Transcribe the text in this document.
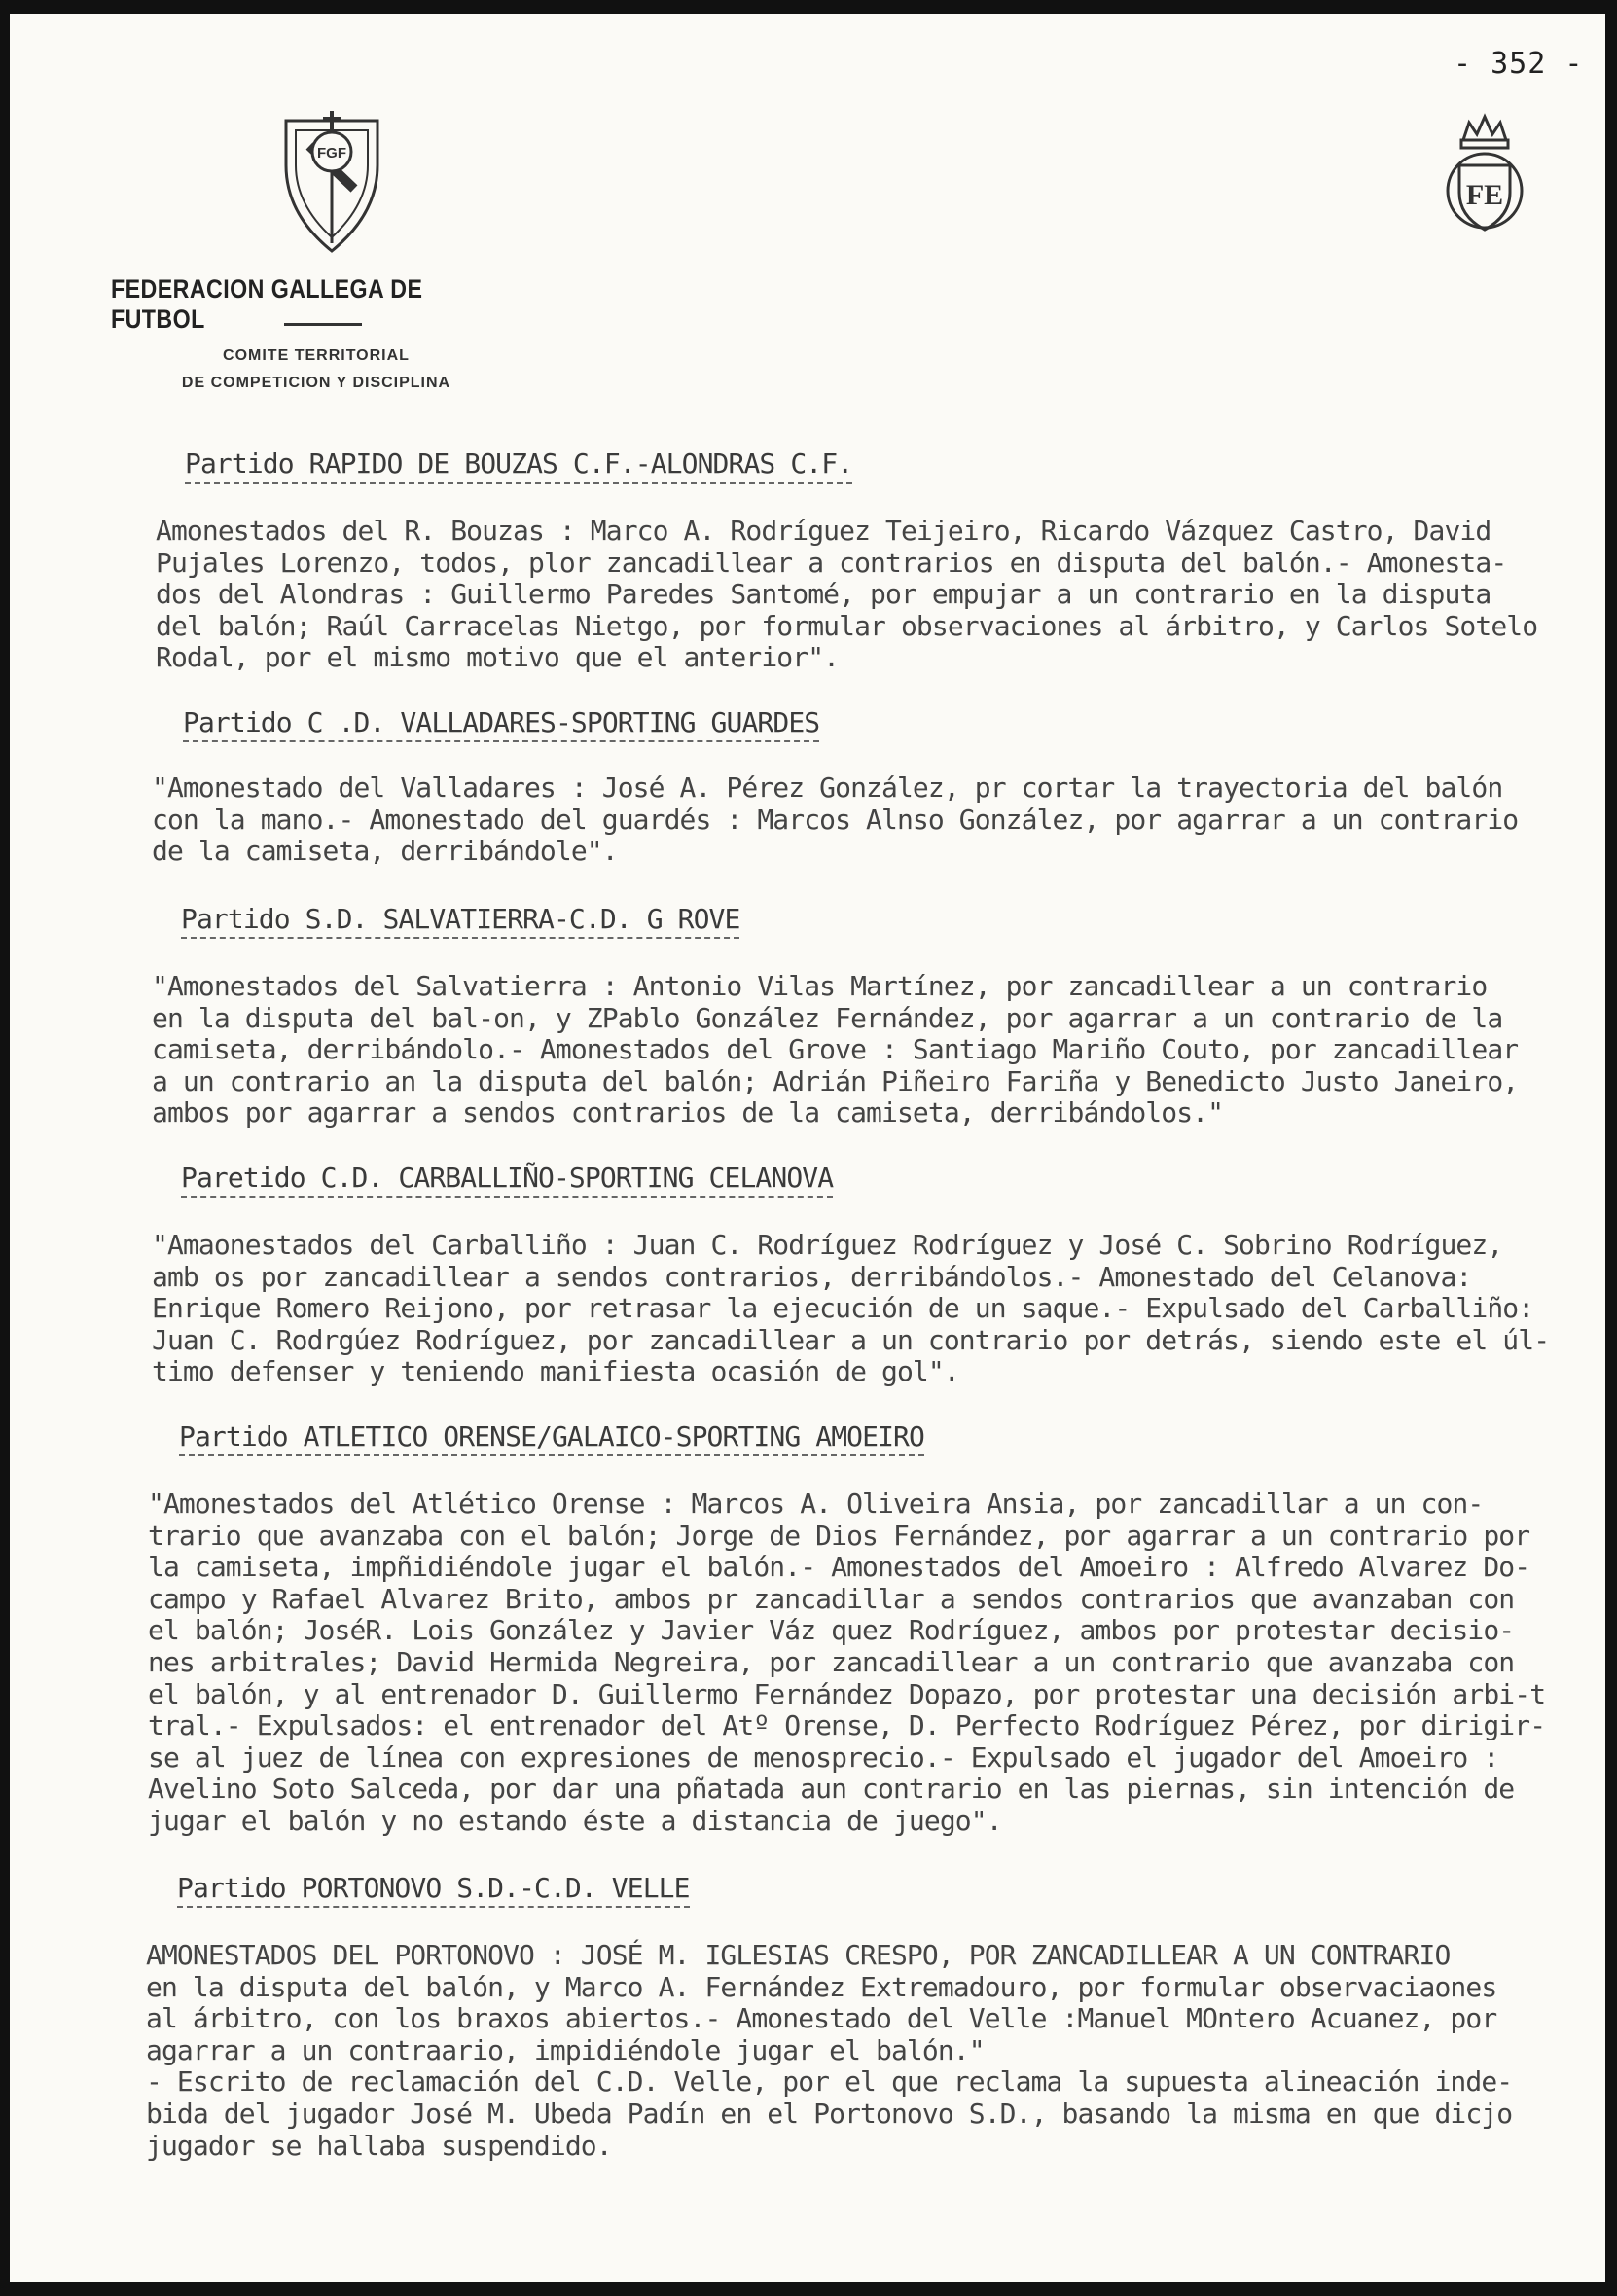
- 352 -
FGF
FEDERACION GALLEGA DE FUTBOL
COMITE TERRITORIAL
DE COMPETICION Y DISCIPLINA
FE
Partido RAPIDO DE BOUZAS C.F.-ALONDRAS C.F.
Amonestados del R. Bouzas : Marco A. Rodríguez Teijeiro, Ricardo Vázquez Castro, David
Pujales Lorenzo, todos, plor zancadillear a contrarios en disputa del balón.- Amonesta-
dos del Alondras : Guillermo Paredes Santomé, por empujar a un contrario en la disputa
del balón; Raúl Carracelas Nietgo, por formular observaciones al árbitro, y Carlos Sotelo
Rodal, por el mismo motivo que el anterior".
Partido C .D. VALLADARES-SPORTING GUARDES
"Amonestado del Valladares : José A. Pérez González, pr cortar la trayectoria del balón
con la mano.- Amonestado del guardés : Marcos Alnso González, por agarrar a un contrario
de la camiseta, derribándole".
Partido S.D. SALVATIERRA-C.D. G ROVE
"Amonestados del Salvatierra : Antonio Vilas Martínez, por zancadillear a un contrario
en la disputa del bal-on, y ZPablo González Fernández, por agarrar a un contrario de la
camiseta, derribándolo.- Amonestados del Grove : Santiago Mariño Couto, por zancadillear
a un contrario an la disputa del balón; Adrián Piñeiro Fariña y Benedicto Justo Janeiro,
ambos por agarrar a sendos contrarios de la camiseta, derribándolos."
Paretido C.D. CARBALLIÑO-SPORTING CELANOVA
"Amaonestados del Carballiño : Juan C. Rodríguez Rodríguez y José C. Sobrino Rodríguez,
amb os por zancadillear a sendos contrarios, derribándolos.- Amonestado del Celanova:
Enrique Romero Reijono, por retrasar la ejecución de un saque.- Expulsado del Carballiño:
Juan C. Rodrgúez Rodríguez, por zancadillear a un contrario por detrás, siendo este el úl-
timo defenser y teniendo manifiesta ocasión de gol".
Partido ATLETICO ORENSE/GALAICO-SPORTING AMOEIRO
"Amonestados del Atlético Orense : Marcos A. Oliveira Ansia, por zancadillar a un con-
trario que avanzaba con el balón; Jorge de Dios Fernández, por agarrar a un contrario por
la camiseta, impñidiéndole jugar el balón.- Amonestados del Amoeiro : Alfredo Alvarez Do-
campo y Rafael Alvarez Brito, ambos pr zancadillar a sendos contrarios que avanzaban con
el balón; JoséR. Lois González y Javier Váz quez Rodríguez, ambos por protestar decisio-
nes arbitrales; David Hermida Negreira, por zancadillear a un contrario que avanzaba con
el balón, y al entrenador D. Guillermo Fernández Dopazo, por protestar una decisión arbi-t
tral.- Expulsados: el entrenador del Atº Orense, D. Perfecto Rodríguez Pérez, por dirigir-
se al juez de línea con expresiones de menosprecio.- Expulsado el jugador del Amoeiro :
Avelino Soto Salceda, por dar una pñatada aun contrario en las piernas, sin intención de
jugar el balón y no estando éste a distancia de juego".
Partido PORTONOVO S.D.-C.D. VELLE
AMONESTADOS DEL PORTONOVO : JOSÉ M. IGLESIAS CRESPO, POR ZANCADILLEAR A UN CONTRARIO
en la disputa del balón, y Marco A. Fernández Extremadouro, por formular observaciaones
al árbitro, con los braxos abiertos.- Amonestado del Velle :Manuel MOntero Acuanez, por
agarrar a un contraario, impidiéndole jugar el balón."
- Escrito de reclamación del C.D. Velle, por el que reclama la supuesta alineación inde-
bida del jugador José M. Ubeda Padín en el Portonovo S.D., basando la misma en que dicjo
jugador se hallaba suspendido.
